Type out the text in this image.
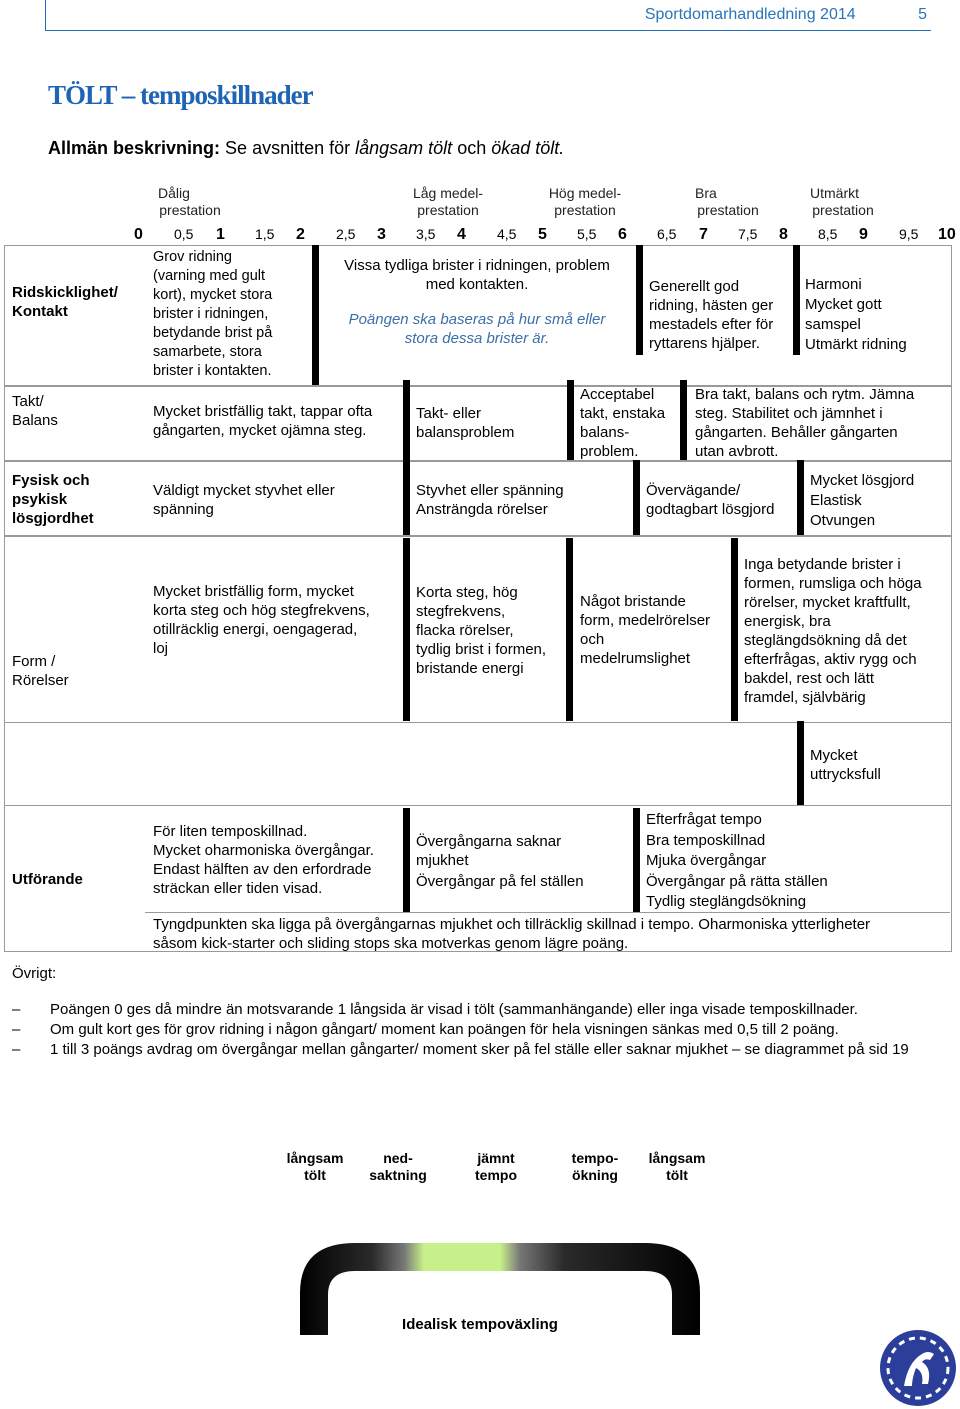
Sportdomarhandledning 2014	5
TÖLT – temposkillnader
Allmän beskrivning: Se avsnitten för långsam tölt och ökad tölt.
Dålig
prestation
Låg medel-
prestation
Hög medel-
prestation
Bra
prestation
Utmärkt
prestation
0 0,5 1 1,5 2 2,5 3 3,5 4 4,5 5 5,5 6 6,5 7 7,5 8 8,5 9 9,5 10
Ridskicklighet/
Kontakt
Grov ridning
(varning med gult
kort), mycket stora
brister i ridningen,
betydande brist på
samarbete, stora
brister i kontakten.
Vissa tydliga brister i ridningen, problem
med kontakten.
Poängen ska baseras på hur små eller
stora dessa brister är.
Generellt god
ridning, hästen ger
mestadels efter för
ryttarens hjälper.
Harmoni
Mycket gott
samspel
Utmärkt ridning
Takt/
Balans
Mycket bristfällig takt, tappar ofta
gångarten, mycket ojämna steg.
Takt- eller
balansproblem
Acceptabel
takt, enstaka
balans-
problem.
Bra takt, balans och rytm. Jämna
steg. Stabilitet och jämnhet i
gångarten. Behåller gångarten
utan avbrott.
Fysisk och
psykisk
lösgjordhet
Väldigt mycket styvhet eller
spänning
Styvhet eller spänning
Ansträngda rörelser
Övervägande/
godtagbart lösgjord
Mycket lösgjord
Elastisk
Otvungen
Form /
Rörelser
Mycket bristfällig form, mycket
korta steg och hög stegfrekvens,
otillräcklig energi, oengagerad,
loj
Korta steg, hög
stegfrekvens,
flacka rörelser,
tydlig brist i formen,
bristande energi
Något bristande
form, medelrörelser
och
medelrumslighet
Inga betydande brister i
formen, rumsliga och höga
rörelser, mycket kraftfullt,
energisk, bra
steglängdsökning då det
efterfrågas, aktiv rygg och
bakdel, rest och lätt
framdel, självbärig
Mycket
uttrycksfull
Utförande
För liten temposkillnad.
Mycket oharmoniska övergångar.
Endast hälften av den erfordrade
sträckan eller tiden visad.
Övergångarna saknar
mjukhet
Övergångar på fel ställen
Efterfrågat tempo
Bra temposkillnad
Mjuka övergångar
Övergångar på rätta ställen
Tydlig steglängdsökning
Tyngdpunkten ska ligga på övergångarnas mjukhet och tillräcklig skillnad i tempo. Oharmoniska ytterligheter
såsom kick-starter och sliding stops ska motverkas genom lägre poäng.
Övrigt:
– Poängen 0 ges då mindre än motsvarande 1 långsida är visad i tölt (sammanhängande) eller inga visade temposkillnader.
– Om gult kort ges för grov ridning i någon gångart/ moment kan poängen för hela visningen sänkas med 0,5 till 2 poäng.
– 1 till 3 poängs avdrag om övergångar mellan gångarter/ moment sker på fel ställe eller saknar mjukhet – se diagrammet på sid 19
långsam
tölt
ned-
saktning
jämnt
tempo
tempo-
ökning
långsam
tölt
Idealisk tempoväxling
